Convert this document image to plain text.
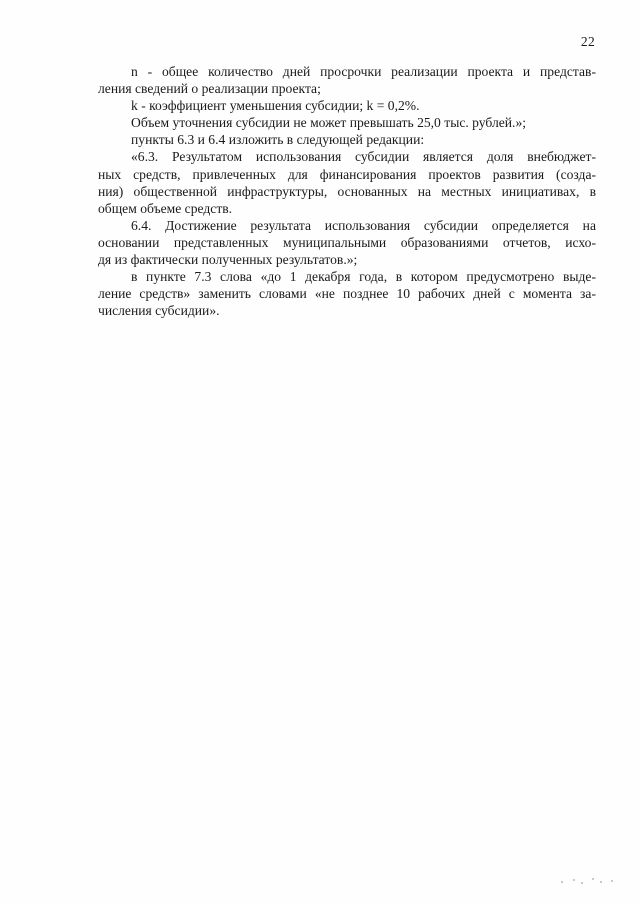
22

n - общее количество дней просрочки реализации проекта и представ-
ления сведений о реализации проекта;

k - коэффициент уменьшения субсидии; k = 0,2%.

Объем уточнения субсидии не может превышать 25,0 тыс. рублей.»;

пункты 6.3 и 6.4 изложить в следующей редакции:

«6.3. Результатом использования субсидии является доля внебюджет-
ных средств, привлеченных для финансирования проектов развития (созда-
ния) общественной инфраструктуры, основанных на местных инициативах, в
общем объеме средств.

6.4. Достижение результата использования субсидии определяется на
основании представленных муниципальными образованиями отчетов, исхо-
дя из фактически полученных результатов.»;

в пункте 7.3 слова «до 1 декабря года, в котором предусмотрено выде-
ление средств» заменить словами «не позднее 10 рабочих дней с момента за-
числения субсидии».
